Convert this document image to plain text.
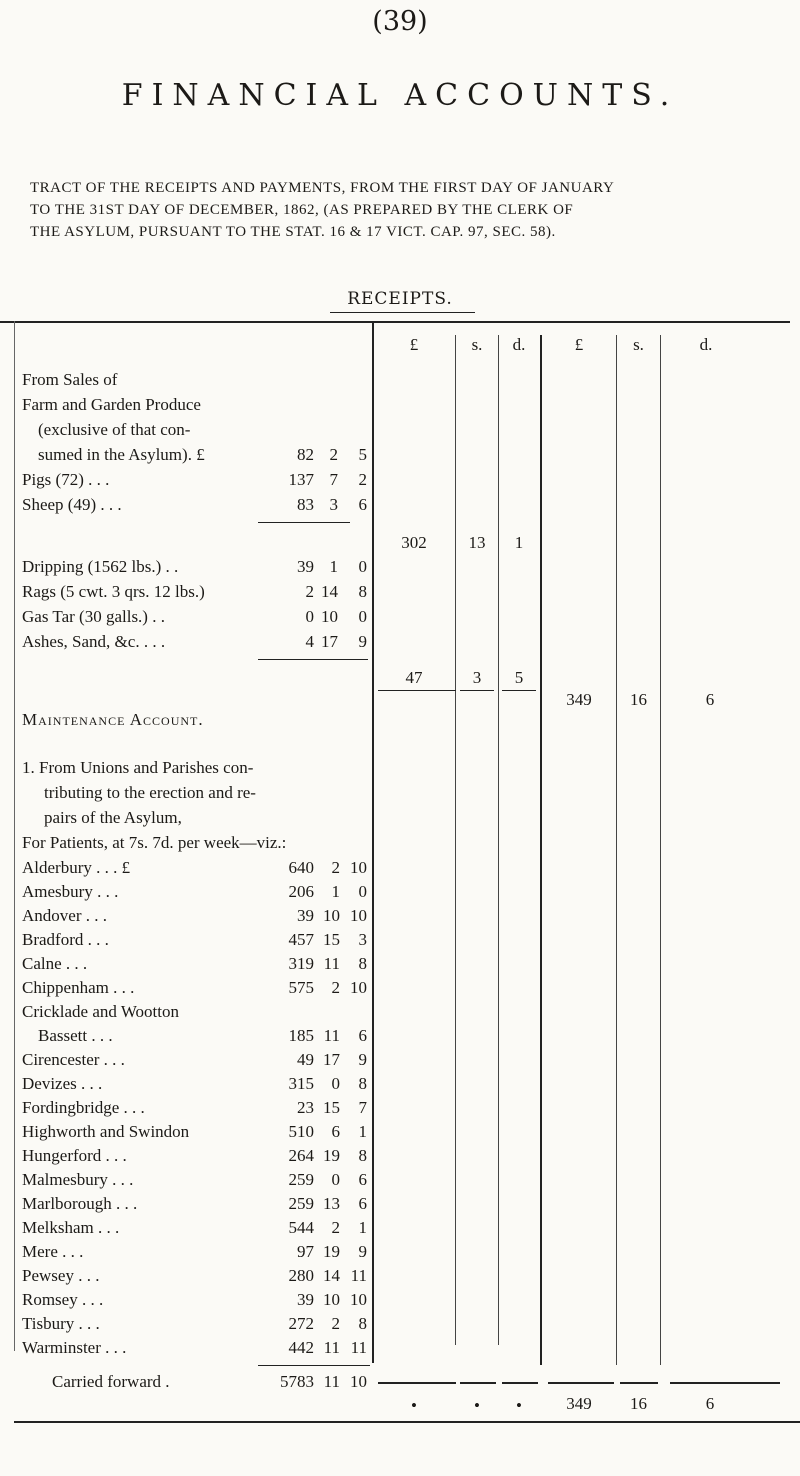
(39)
FINANCIAL ACCOUNTS.
TRACT OF THE RECEIPTS AND PAYMENTS, FROM THE FIRST DAY OF JANUARY
TO THE 31ST DAY OF DECEMBER, 1862, (AS PREPARED BY THE CLERK OF
THE ASYLUM, PURSUANT TO THE STAT. 16 & 17 VICT. CAP. 97, SEC. 58).
RECEIPTS.
£	s.	d.	£	s.	d.
From Sales of
Farm and Garden Produce
(exclusive of that con-
sumed in the Asylum). £	82 2	5
Pigs (72) . . .	137 7	2
Sheep (49) . . .	83 3	6
302	13	1
Dripping (1562 lbs.) . .	39 1	0
Rags (5 cwt. 3 qrs. 12 lbs.)	2 14	8
Gas Tar (30 galls.) . .	0 10	0
Ashes, Sand, &c. . . .	4 17	9
47	3	5
349	16	6
Maintenance Account.
1. From Unions and Parishes con-
tributing to the erection and re-
pairs of the Asylum,
For Patients, at 7s. 7d. per week—viz.:
Alderbury . . . £	640	2 10
Amesbury . . .	206	1	0
Andover . . .	39 10 10
Bradford . . .	457 15	3
Calne . . .	319 11	8
Chippenham . . .	575	2 10
Cricklade and Wootton
Bassett . . .	185 11	6
Cirencester . . .	49 17	9
Devizes . . .	315	0	8
Fordingbridge . . .	23 15	7
Highworth and Swindon	510	6	1
Hungerford . . .	264 19	8
Malmesbury . . .	259	0	6
Marlborough . . .	259 13	6
Melksham . . .	544	2	1
Mere . . .	97 19	9
Pewsey . . .	280 14 11
Romsey . . .	39 10 10
Tisbury . . .	272	2	8
Warminster . . .	442 11 11
Carried forward .	5783 11 10
•	•	•	349	16	6
